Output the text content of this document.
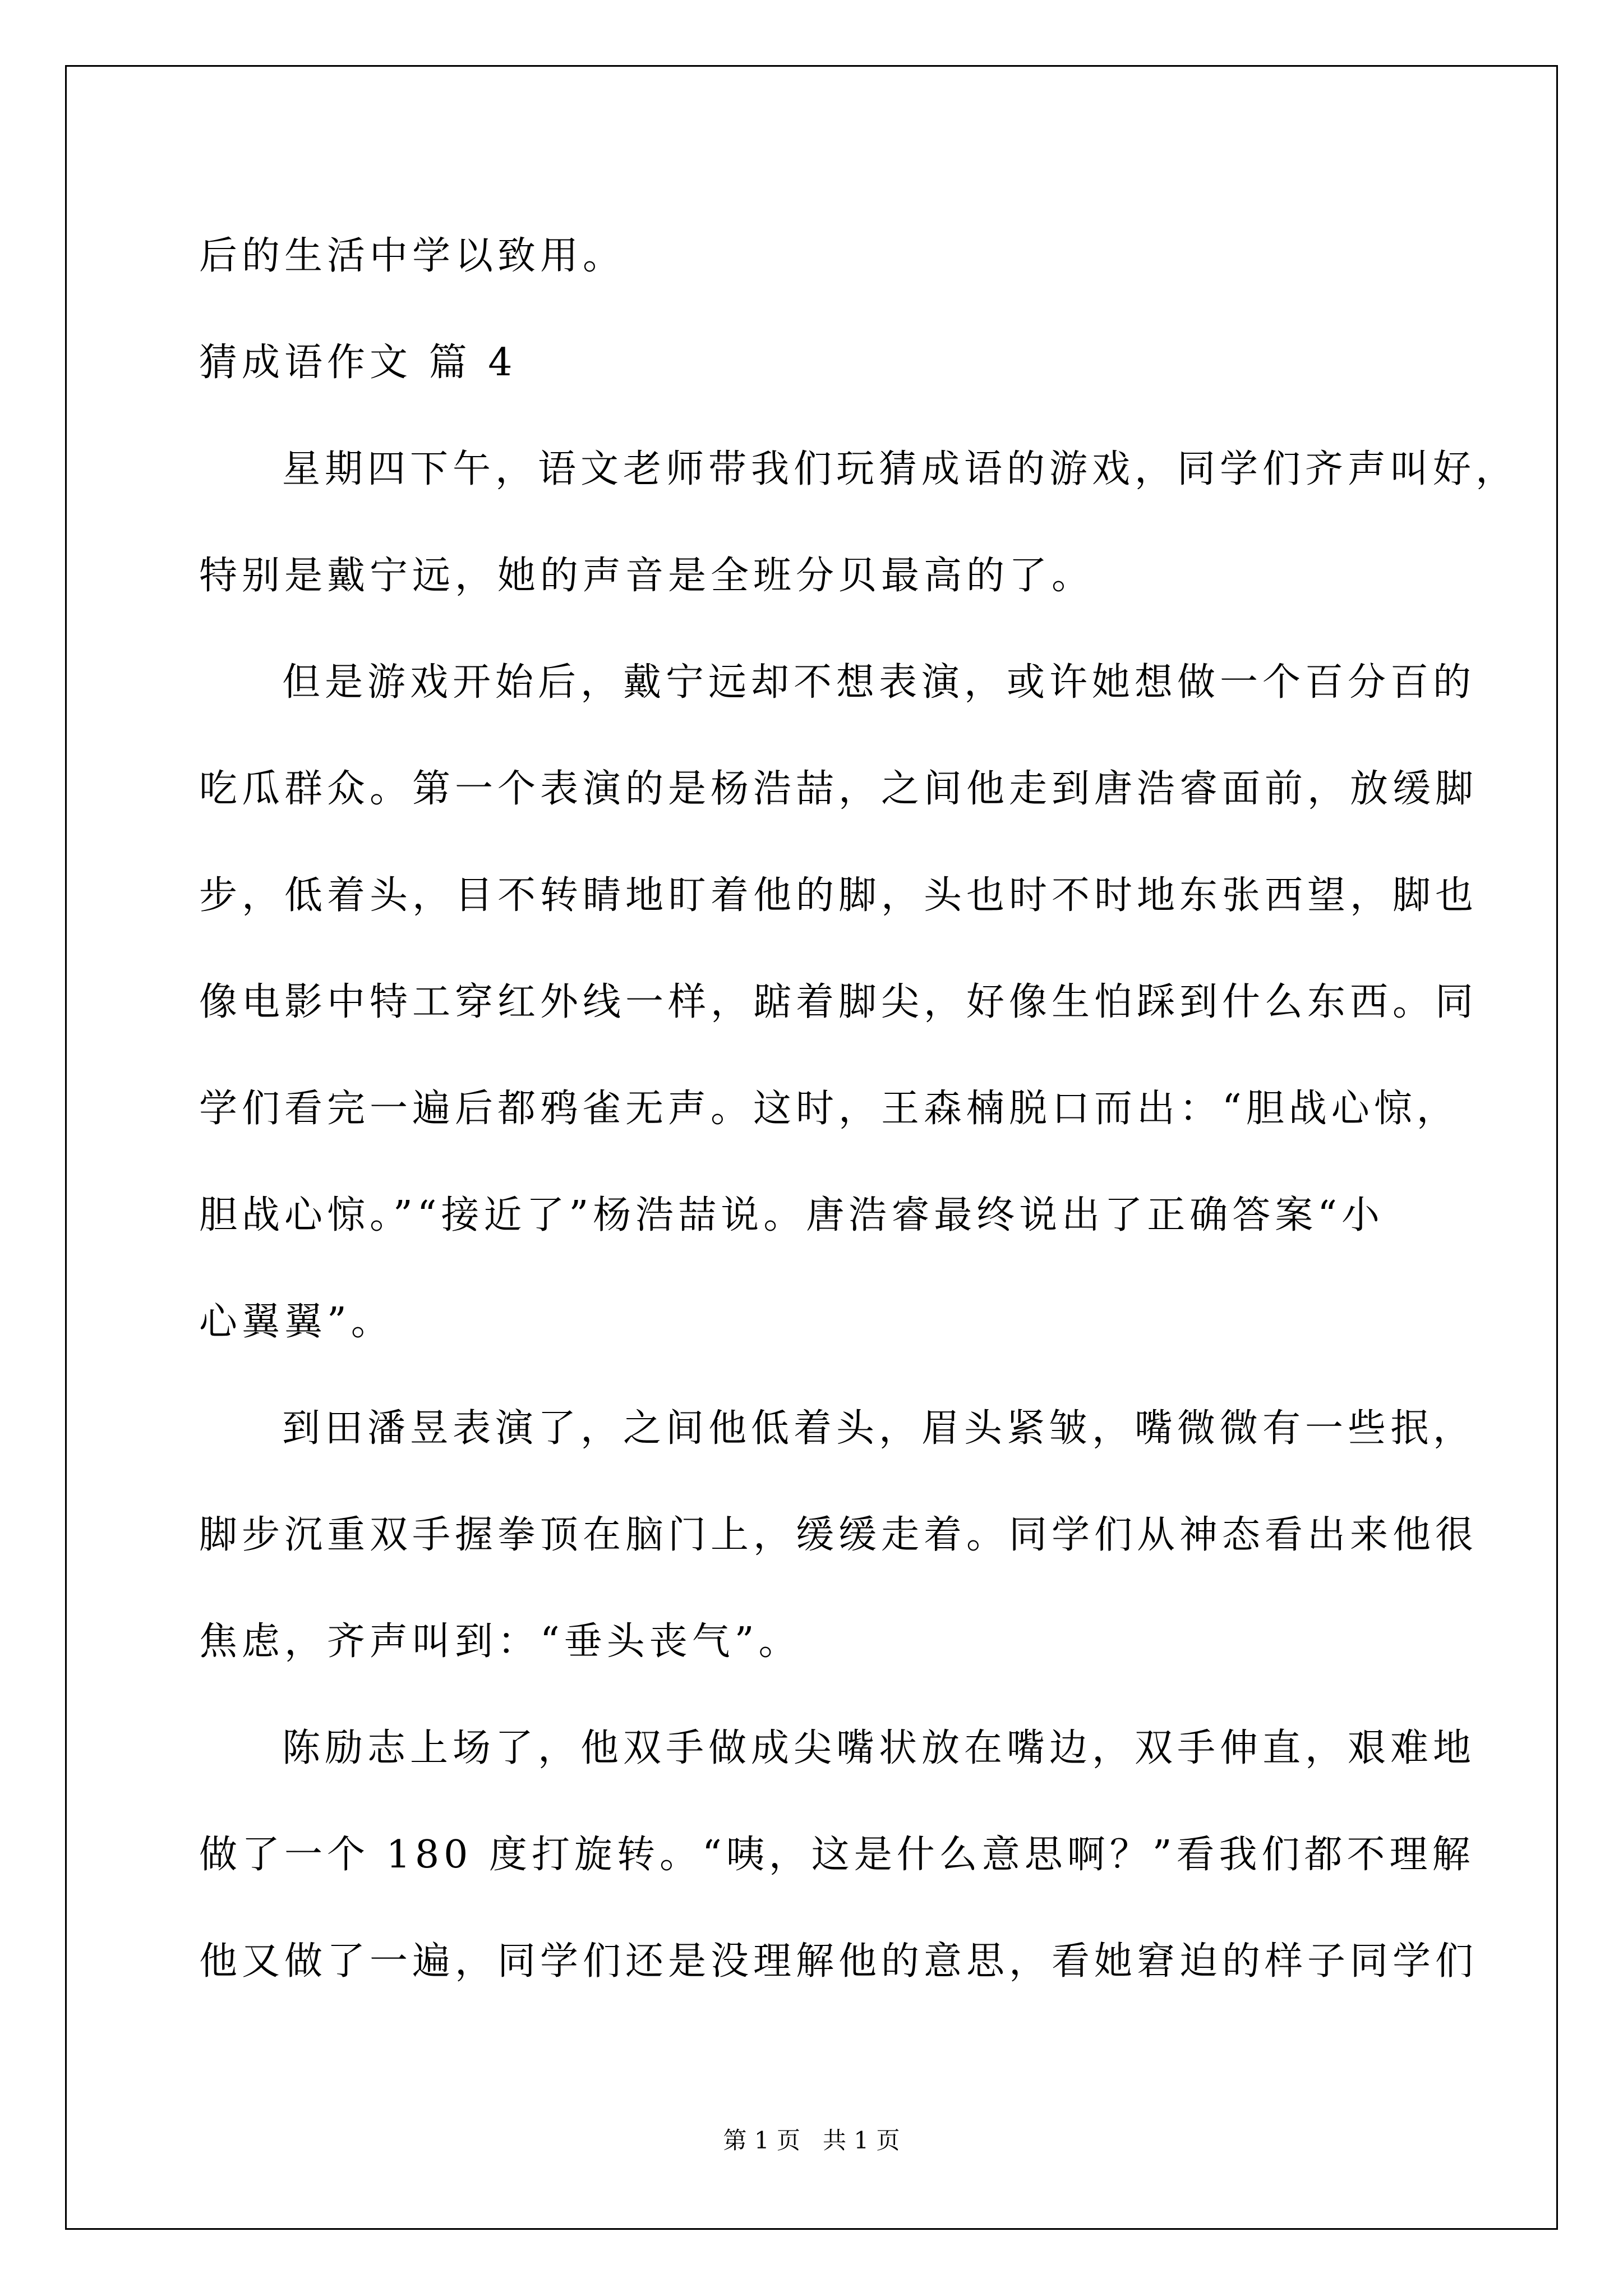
后的生活中学以致用。
猜成语作文 篇 4
星期四下午，语文老师带我们玩猜成语的游戏，同学们齐声叫好，
特别是戴宁远，她的声音是全班分贝最高的了。
但是游戏开始后，戴宁远却不想表演，或许她想做一个百分百的
吃瓜群众。第一个表演的是杨浩喆，之间他走到唐浩睿面前，放缓脚
步，低着头，目不转睛地盯着他的脚，头也时不时地东张西望，脚也
像电影中特工穿红外线一样，踮着脚尖，好像生怕踩到什么东西。同
学们看完一遍后都鸦雀无声。这时，王森楠脱口而出：“胆战心惊，
胆战心惊。”“接近了”杨浩喆说。唐浩睿最终说出了正确答案“小
心翼翼”。
到田潘昱表演了，之间他低着头，眉头紧皱，嘴微微有一些抿，
脚步沉重双手握拳顶在脑门上，缓缓走着。同学们从神态看出来他很
焦虑，齐声叫到：“垂头丧气”。
陈励志上场了，他双手做成尖嘴状放在嘴边，双手伸直，艰难地
做了一个 180 度打旋转。“咦，这是什么意思啊？”看我们都不理解
他又做了一遍，同学们还是没理解他的意思，看她窘迫的样子同学们
第 1 页   共 1 页
